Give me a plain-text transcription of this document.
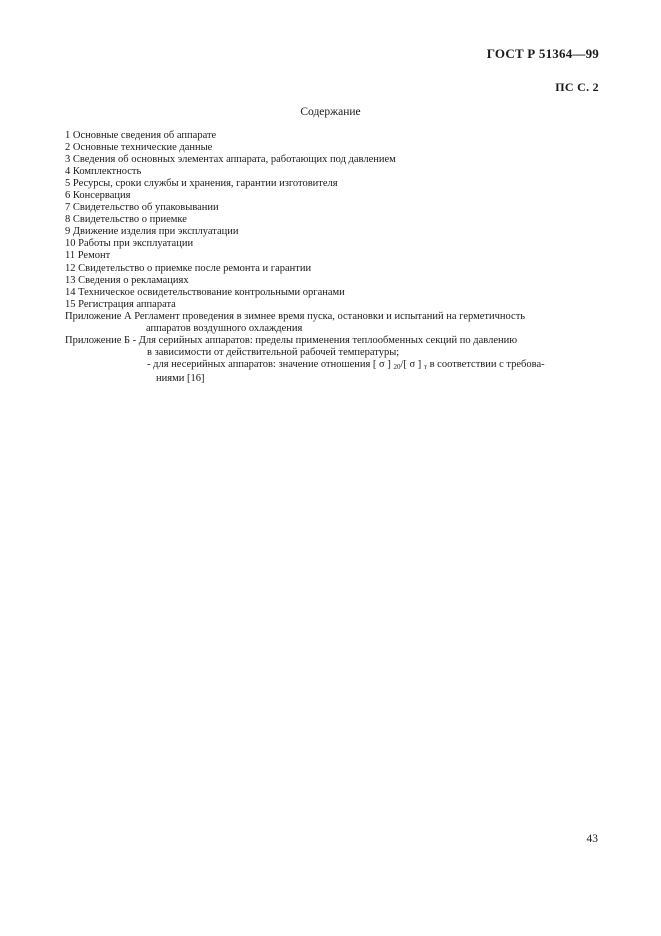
ГОСТ Р 51364—99
ПС С. 2
Содержание
1 Основные сведения об аппарате
2 Основные технические данные
3 Сведения об основных элементах аппарата, работающих под давлением
4 Комплектность
5 Ресурсы, сроки службы и хранения, гарантии изготовителя
6 Консервация
7 Свидетельство об упаковывании
8 Свидетельство о приемке
9 Движение изделия при эксплуатации
10 Работы при эксплуатации
11 Ремонт
12 Свидетельство о приемке после ремонта и гарантии
13 Сведения о рекламациях
14 Техническое освидетельствование контрольными органами
15 Регистрация аппарата
Приложение А Регламент проведения в зимнее время пуска, остановки и испытаний на герметичность
аппаратов воздушного охлаждения
Приложение Б - Для серийных аппаратов: пределы применения теплообменных секций по давлению
в зависимости от действительной рабочей температуры;
- для несерийных аппаратов: значение отношения [ σ ] $_{20}$/[ σ ] $_т$ в соответствии с требова-
ниями [16]
43
